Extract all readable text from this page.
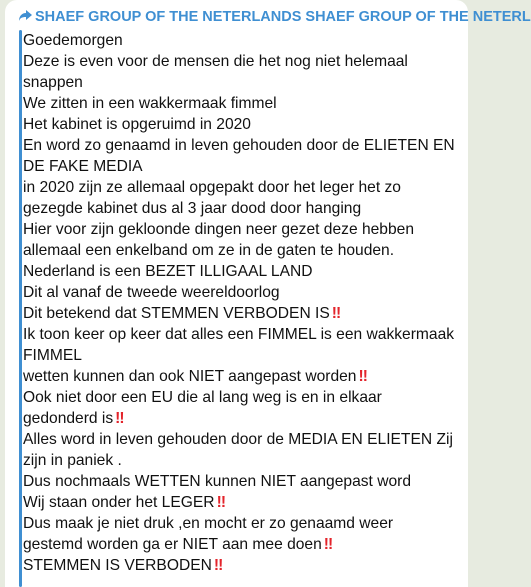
SHAEF GROUP OF THE NETERLANDS SHAEF GROUP OF THE NETERL
Goedemorgen
Deze is even voor de mensen die het nog niet helemaal
snappen
We zitten in een wakkermaak fimmel
Het kabinet is opgeruimd in 2020
En word zo genaamd in leven gehouden door de ELIETEN EN
DE FAKE MEDIA
in 2020 zijn ze allemaal opgepakt door het leger het zo
gezegde kabinet dus al 3 jaar dood door hanging
Hier voor zijn gekloonde dingen neer gezet deze hebben
allemaal een enkelband om ze in de gaten te houden.
Nederland is een BEZET ILLIGAAL LAND
Dit al vanaf de tweede weereldoorlog
Dit betekend dat STEMMEN VERBODEN IS ‼
Ik toon keer op keer dat alles een FIMMEL is een wakkermaak
FIMMEL
wetten kunnen dan ook NIET aangepast worden ‼
Ook niet door een EU die al lang weg is en in elkaar
gedonderd is ‼
Alles word in leven gehouden door de MEDIA EN ELIETEN Zij
zijn in paniek .
Dus nochmaals WETTEN kunnen NIET aangepast word
Wij staan onder het LEGER ‼
Dus maak je niet druk ,en mocht er zo genaamd weer
gestemd worden ga er NIET aan mee doen ‼
STEMMEN IS VERBODEN ‼
